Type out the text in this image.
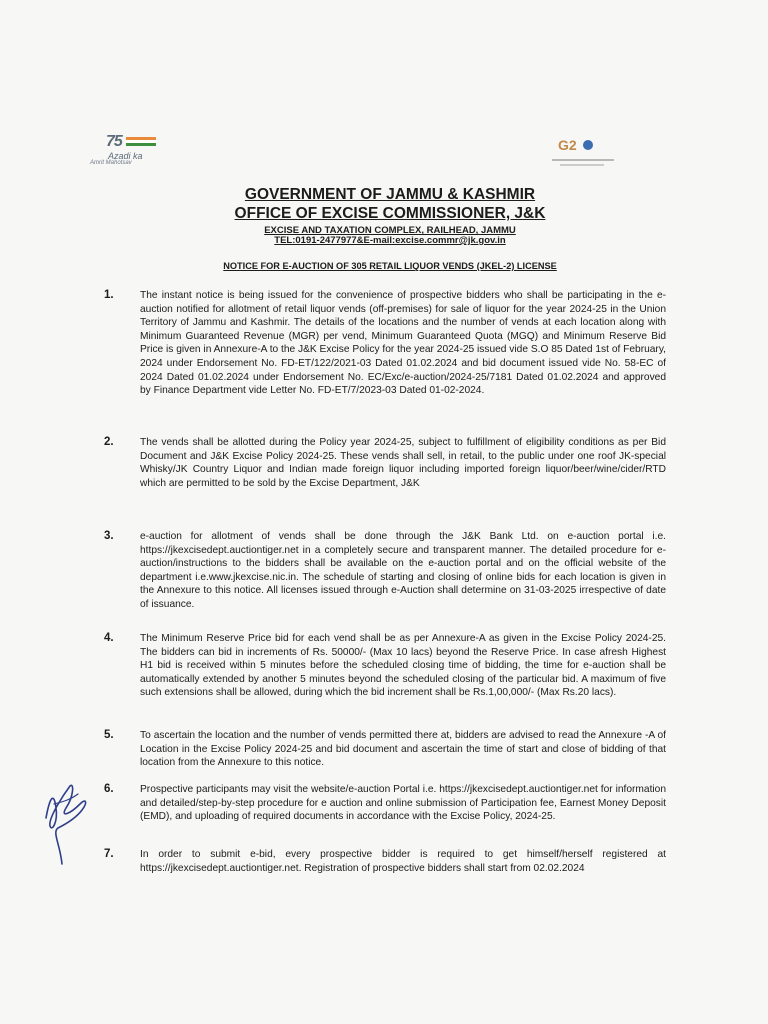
75
Azadi ka
Amrit Mahotsav
G2
GOVERNMENT OF JAMMU & KASHMIR
OFFICE OF EXCISE COMMISSIONER, J&K
EXCISE AND TAXATION COMPLEX, RAILHEAD, JAMMU
TEL:0191-2477977&E-mail:excise.commr@jk.gov.in
NOTICE FOR E-AUCTION OF 305 RETAIL LIQUOR VENDS (JKEL-2) LICENSE
1.	The instant notice is being issued for the convenience of prospective bidders who shall be participating in the e-auction notified for allotment of retail liquor vends (off-premises) for sale of liquor for the year 2024-25 in the Union Territory of Jammu and Kashmir. The details of the locations and the number of vends at each location along with Minimum Guaranteed Revenue (MGR) per vend, Minimum Guaranteed Quota (MGQ) and Minimum Reserve Bid Price is given in Annexure-A to the J&K Excise Policy for the year 2024-25 issued vide S.O 85 Dated 1st of February, 2024 under Endorsement No. FD-ET/122/2021-03 Dated 01.02.2024 and bid document issued vide No. 58-EC of 2024 Dated 01.02.2024 under Endorsement No. EC/Exc/e-auction/2024-25/7181 Dated 01.02.2024 and approved by Finance Department vide Letter No. FD-ET/7/2023-03 Dated 01-02-2024.
2.	The vends shall be allotted during the Policy year 2024-25, subject to fulfillment of eligibility conditions as per Bid Document and J&K Excise Policy 2024-25. These vends shall sell, in retail, to the public under one roof JK-special Whisky/JK Country Liquor and Indian made foreign liquor including imported foreign liquor/beer/wine/cider/RTD which are permitted to be sold by the Excise Department, J&K
3.	e-auction for allotment of vends shall be done through the J&K Bank Ltd. on e-auction portal i.e. https://jkexcisedept.auctiontiger.net in a completely secure and transparent manner. The detailed procedure for e-auction/instructions to the bidders shall be available on the e-auction portal and on the official website of the department i.e.www.jkexcise.nic.in. The schedule of starting and closing of online bids for each location is given in the Annexure to this notice. All licenses issued through e-Auction shall determine on 31-03-2025 irrespective of date of issuance.
4.	The Minimum Reserve Price bid for each vend shall be as per Annexure-A as given in the Excise Policy 2024-25. The bidders can bid in increments of Rs. 50000/- (Max 10 lacs) beyond the Reserve Price. In case afresh Highest H1 bid is received within 5 minutes before the scheduled closing time of bidding, the time for e-auction shall be automatically extended by another 5 minutes beyond the scheduled closing of the particular bid. A maximum of five such extensions shall be allowed, during which the bid increment shall be Rs.1,00,000/- (Max Rs.20 lacs).
5.	To ascertain the location and the number of vends permitted there at, bidders are advised to read the Annexure -A of Location in the Excise Policy 2024-25 and bid document and ascertain the time of start and close of bidding of that location from the Annexure to this notice.
6.	Prospective participants may visit the website/e-auction Portal i.e. https://jkexcisedept.auctiontiger.net for information and detailed/step-by-step procedure for e auction and online submission of Participation fee, Earnest Money Deposit (EMD), and uploading of required documents in accordance with the Excise Policy, 2024-25.
7.	In order to submit e-bid, every prospective bidder is required to get himself/herself registered at https://jkexcisedept.auctiontiger.net. Registration of prospective bidders shall start from 02.02.2024
